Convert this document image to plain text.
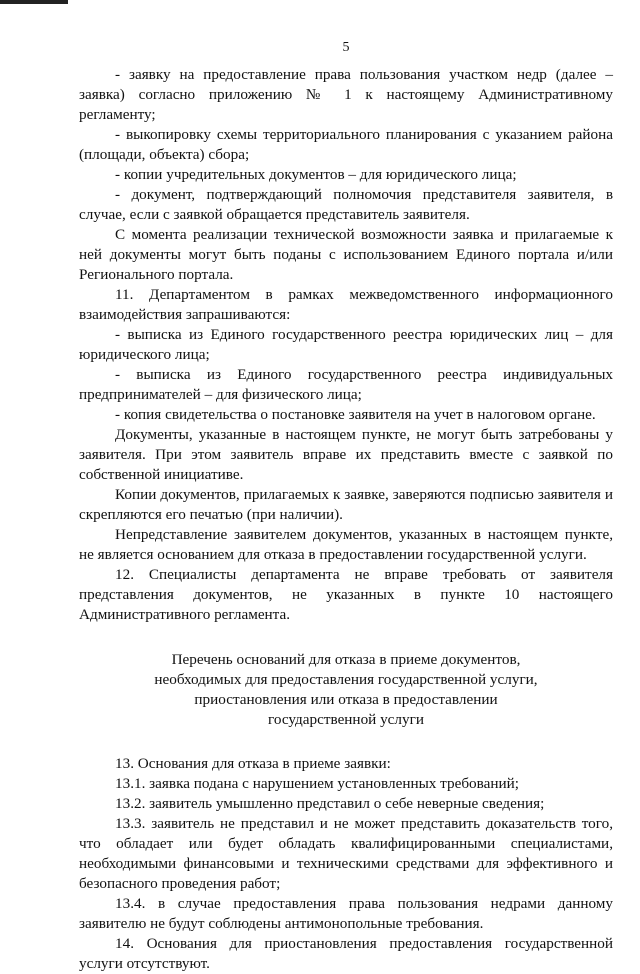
5

- заявку на предоставление права пользования участком недр (далее – заявка) согласно приложению № 1 к настоящему Административному регламенту;

- выкопировку схемы территориального планирования с указанием района (площади, объекта) сбора;

- копии учредительных документов – для юридического лица;

- документ, подтверждающий полномочия представителя заявителя, в случае, если с заявкой обращается представитель заявителя.

С момента реализации технической возможности заявка и прилагаемые к ней документы могут быть поданы с использованием Единого портала и/или Регионального портала.

11. Департаментом в рамках межведомственного информационного взаимодействия запрашиваются:

- выписка из Единого государственного реестра юридических лиц – для юридического лица;

- выписка из Единого государственного реестра индивидуальных предпринимателей – для физического лица;

- копия свидетельства о постановке заявителя на учет в налоговом органе.

Документы, указанные в настоящем пункте, не могут быть затребованы у заявителя. При этом заявитель вправе их представить вместе с заявкой по собственной инициативе.

Копии документов, прилагаемых к заявке, заверяются подписью заявителя и скрепляются его печатью (при наличии).

Непредставление заявителем документов, указанных в настоящем пункте, не является основанием для отказа в предоставлении государственной услуги.

12. Специалисты департамента не вправе требовать от заявителя представления документов, не указанных в пункте 10 настоящего Административного регламента.

Перечень оснований для отказа в приеме документов,
необходимых для предоставления государственной услуги,
приостановления или отказа в предоставлении
государственной услуги

13. Основания для отказа в приеме заявки:

13.1. заявка подана с нарушением установленных требований;

13.2. заявитель умышленно представил о себе неверные сведения;

13.3. заявитель не представил и не может представить доказательств того, что обладает или будет обладать квалифицированными специалистами, необходимыми финансовыми и техническими средствами для эффективного и безопасного проведения работ;

13.4. в случае предоставления права пользования недрами данному заявителю не будут соблюдены антимонопольные требования.

14. Основания для приостановления предоставления государственной услуги отсутствуют.
